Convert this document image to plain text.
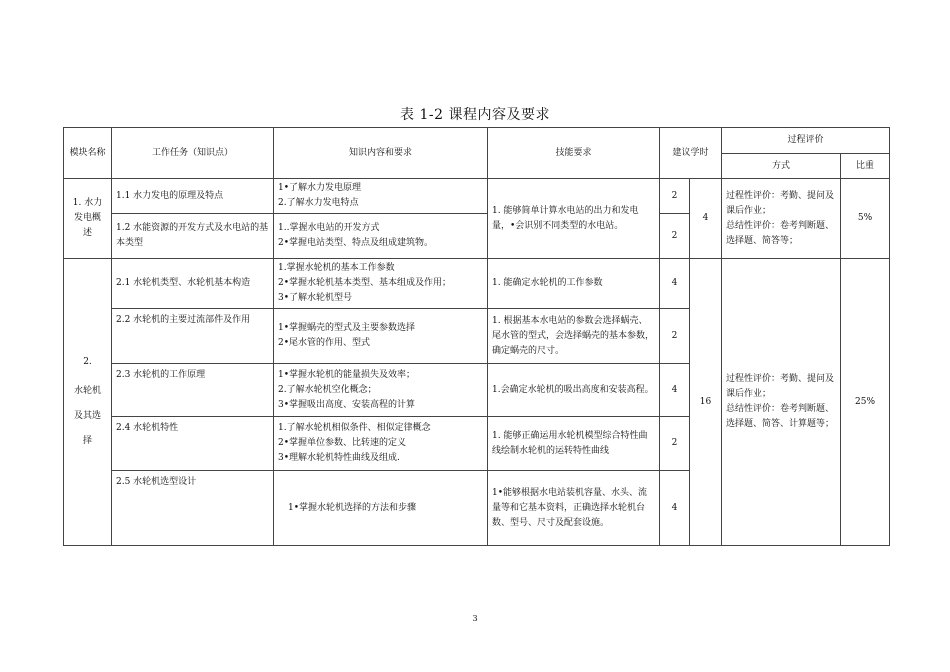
表 1-2 课程内容及要求
模块名称	工作任务（知识点）	知识内容和要求	技能要求	建议学时		过程评价	
						方式	比重

1. 水力
发电概
述	1.1 水力发电的原理及特点	1•了解水力发电原理
2.了解水力发电特点	1. 能够简单计算水电站的出力和发电量，•会识别不同类型的水电站。	2	4	过程性评价：考勤、提问及课后作业；
总结性评价：卷考判断题、选择题、简答等；	5%
	1.2 水能资源的开发方式及水电站的基本类型	1..掌握水电站的开发方式
2•掌握电站类型、特点及组成建筑物。		2			

2.
水轮机
及其选
择	2.1 水轮机类型、水轮机基本构造	1.掌握水轮机的基本工作参数
2•掌握水轮机基本类型、基本组成及作用；
3•了解水轮机型号	1. 能确定水轮机的工作参数	4	16	过程性评价：考勤、提问及课后作业；
总结性评价：卷考判断题、选择题、简答、计算题等；	25%
	2.2 水轮机的主要过流部件及作用	1•掌握蜗壳的型式及主要参数选择
2•尾水管的作用、型式	1. 根据基本水电站的参数会选择蜗壳、尾水管的型式，会选择蜗壳的基本参数，确定蜗壳的尺寸。	2			
	2.3 水轮机的工作原理	1•掌握水轮机的能量损失及效率；
2.了解水轮机空化概念；
3•掌握吸出高度、安装高程的计算	1.会确定水轮机的吸出高度和安装高程。	4			
	2.4 水轮机特性	1.了解水轮机相似条件、相似定律概念
2•掌握单位参数、比转速的定义
3•理解水轮机特性曲线及组成.	1. 能够正确运用水轮机模型综合特性曲线绘制水轮机的运转特性曲线	2			
	2.5 水轮机选型设计	1•掌握水轮机选择的方法和步骤	1•能够根据水电站装机容量、水头、流量等和它基本资料，正确选择水轮机台数、型号、尺寸及配套设施。	4			
3
